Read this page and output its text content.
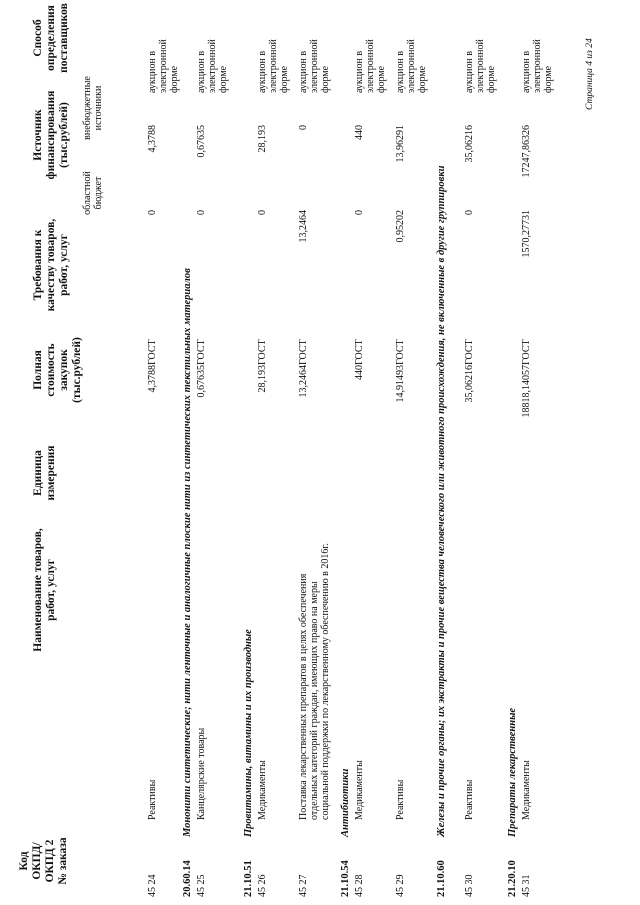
Код
ОКПД/
ОКПД 2
№ заказа
Наименование товаров,
работ, услуг
Единица
измерения
Полная
стоимость
закупок
(тыс.рублей)
Требования к
качеству товаров,
работ, услуг
Источник
финансирования
(тыс.рублей)
областной
бюджет
внебюджетные
источники
Способ
определения
поставщиков
45 24
Реактивы
4,3788
ГОСТ
0
4,3788
аукцион в
электронной
форме
20.60.14
Мононити синтетические; нити ленточные и аналогичные плоские нити из синтетических текстильных материалов
45 25
Канцелярские товары
0,67635
ГОСТ
0
0,67635
аукцион в
электронной
форме
21.10.51
Провитамины, витамины и их производные
45 26
Медикаменты
28,193
ГОСТ
0
28,193
аукцион в
электронной
форме
45 27
Поставка лекарственных препаратов в целях обеспечения
отдельных категорий граждан, имеющих право на меры
социальной поддержки по лекарственному обеспечению в 2016г.
13,2464
ГОСТ
13,2464
0
аукцион в
электронной
форме
21.10.54
Антибиотики
45 28
Медикаменты
440
ГОСТ
0
440
аукцион в
электронной
форме
45 29
Реактивы
14,91493
ГОСТ
0,95202
13,96291
аукцион в
электронной
форме
21.10.60
Железы и прочие органы; их экстракты и прочие вещества человеческого или животного происхождения, не включенные в другие группировки
45 30
Реактивы
35,06216
ГОСТ
0
35,06216
аукцион в
электронной
форме
21.20.10
Препараты лекарственные
45 31
Медикаменты
18818,14057
ГОСТ
1570,27731
17247,86326
аукцион в
электронной
форме	Страница 4 из 24
